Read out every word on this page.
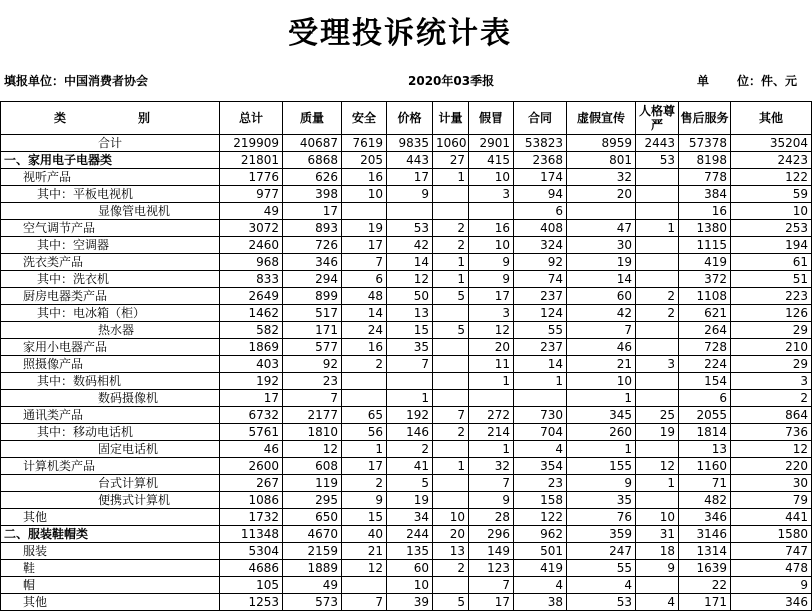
受理投诉统计表
填报单位：中国消费者协会	2020年03季报	单 位：件、元
类　　别	总计	质量	安全	价格	计量	假冒	合同	虚假宣传	人格尊严	售后服务	其他
合计	219909	40687	7619	9835	1060	2901	53823	8959	2443	57378	35204
一、家用电子电器类	21801	6868	205	443	27	415	2368	801	53	8198	2423
视听产品	1776	626	16	17	1	10	174	32		778	122
其中：平板电视机	977	398	10	9		3	94	20		384	59
显像管电视机	49	17					6			16	10
空气调节产品	3072	893	19	53	2	16	408	47	1	1380	253
其中：空调器	2460	726	17	42	2	10	324	30		1115	194
洗衣类产品	968	346	7	14	1	9	92	19		419	61
其中：洗衣机	833	294	6	12	1	9	74	14		372	51
厨房电器类产品	2649	899	48	50	5	17	237	60	2	1108	223
其中：电冰箱（柜）	1462	517	14	13		3	124	42	2	621	126
热水器	582	171	24	15	5	12	55	7		264	29
家用小电器产品	1869	577	16	35		20	237	46		728	210
照摄像产品	403	92	2	7		11	14	21	3	224	29
其中：数码相机	192	23				1	1	10		154	3
数码摄像机	17	7		1				1		6	2
通讯类产品	6732	2177	65	192	7	272	730	345	25	2055	864
其中：移动电话机	5761	1810	56	146	2	214	704	260	19	1814	736
固定电话机	46	12	1	2		1	4	1		13	12
计算机类产品	2600	608	17	41	1	32	354	155	12	1160	220
台式计算机	267	119	2	5		7	23	9	1	71	30
便携式计算机	1086	295	9	19		9	158	35		482	79
其他	1732	650	15	34	10	28	122	76	10	346	441
二、服装鞋帽类	11348	4670	40	244	20	296	962	359	31	3146	1580
服装	5304	2159	21	135	13	149	501	247	18	1314	747
鞋	4686	1889	12	60	2	123	419	55	9	1639	478
帽	105	49		10		7	4	4		22	9
其他	1253	573	7	39	5	17	38	53	4	171	346
